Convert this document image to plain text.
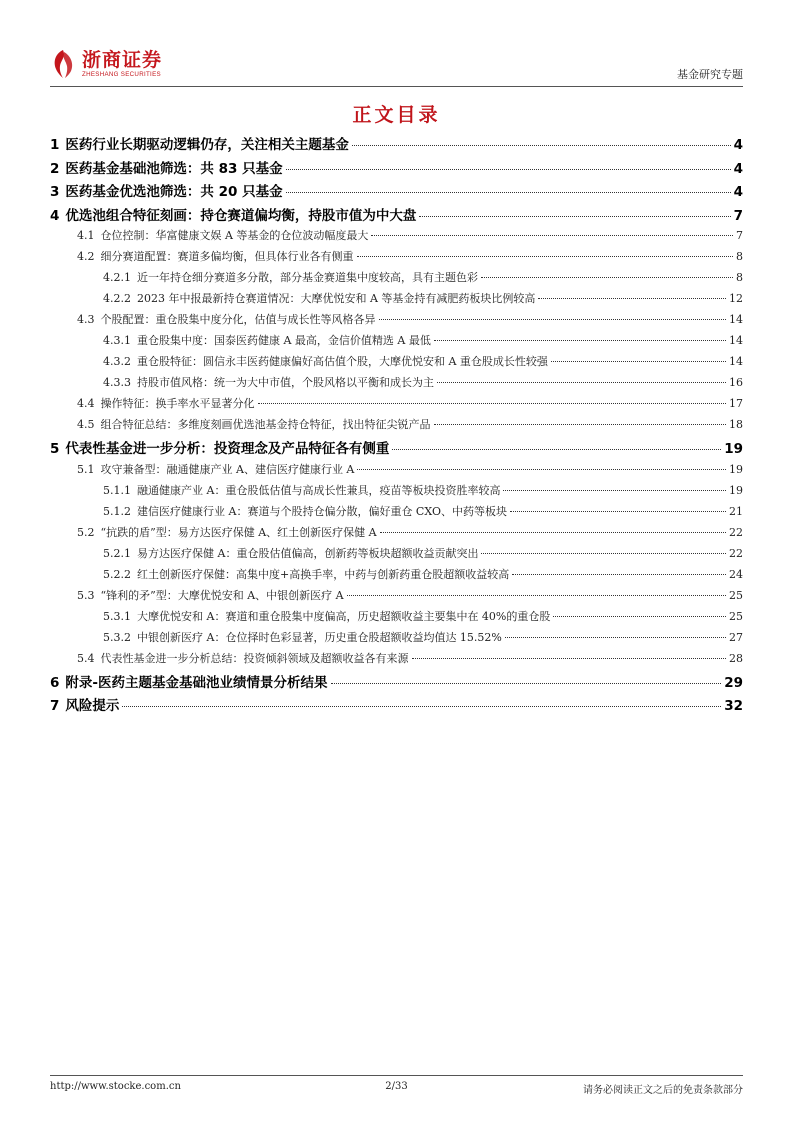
浙商证券
ZHESHANG SECURITIES	基金研究专题
正文目录
1 医药行业长期驱动逻辑仍存，关注相关主题基金	4
2 医药基金基础池筛选：共 83 只基金	4
3 医药基金优选池筛选：共 20 只基金	4
4 优选池组合特征刻画：持仓赛道偏均衡，持股市值为中大盘	7
4.1 仓位控制：华富健康文娱 A 等基金的仓位波动幅度最大	7
4.2 细分赛道配置：赛道多偏均衡，但具体行业各有侧重	8
4.2.1 近一年持仓细分赛道多分散，部分基金赛道集中度较高，具有主题色彩	8
4.2.2 2023 年中报最新持仓赛道情况：大摩优悦安和 A 等基金持有减肥药板块比例较高	12
4.3 个股配置：重仓股集中度分化，估值与成长性等风格各异	14
4.3.1 重仓股集中度：国泰医药健康 A 最高，金信价值精选 A 最低	14
4.3.2 重仓股特征：圆信永丰医药健康偏好高估值个股，大摩优悦安和 A 重仓股成长性较强	14
4.3.3 持股市值风格：统一为大中市值，个股风格以平衡和成长为主	16
4.4 操作特征：换手率水平显著分化	17
4.5 组合特征总结：多维度刻画优选池基金持仓特征，找出特征尖锐产品	18
5 代表性基金进一步分析：投资理念及产品特征各有侧重	19
5.1 攻守兼备型：融通健康产业 A、建信医疗健康行业 A	19
5.1.1 融通健康产业 A：重仓股低估值与高成长性兼具，疫苗等板块投资胜率较高	19
5.1.2 建信医疗健康行业 A：赛道与个股持仓偏分散，偏好重仓 CXO、中药等板块	21
5.2 “抗跌的盾”型：易方达医疗保健 A、红土创新医疗保健 A	22
5.2.1 易方达医疗保健 A：重仓股估值偏高，创新药等板块超额收益贡献突出	22
5.2.2 红土创新医疗保健：高集中度+高换手率，中药与创新药重仓股超额收益较高	24
5.3 “锋利的矛”型：大摩优悦安和 A、中银创新医疗 A	25
5.3.1 大摩优悦安和 A：赛道和重仓股集中度偏高，历史超额收益主要集中在 40%的重仓股	25
5.3.2 中银创新医疗 A：仓位择时色彩显著，历史重仓股超额收益均值达 15.52%	27
5.4 代表性基金进一步分析总结：投资倾斜领域及超额收益各有来源	28
6 附录-医药主题基金基础池业绩情景分析结果	29
7 风险提示	32
http://www.stocke.com.cn	2/33	请务必阅读正文之后的免责条款部分
